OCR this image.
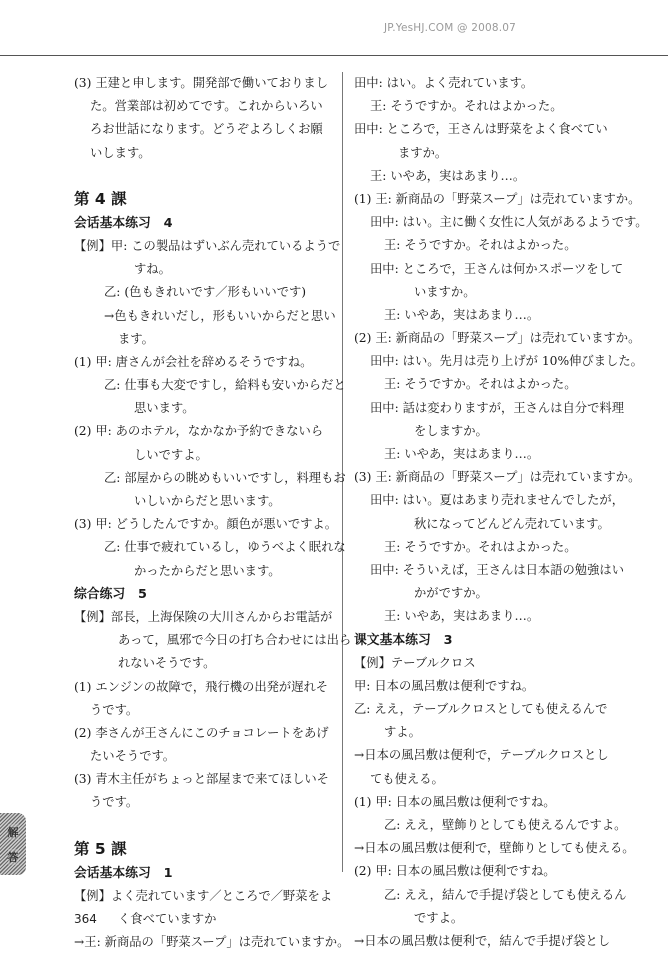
JP.YesHJ.COM @ 2008.07
(3) 王建と申します。開発部で働いておりまし
た。営業部は初めてです。これからいろい
ろお世話になります。どうぞよろしくお願
いします。
第 4 課
会话基本练习　4
【例】甲: この製品はずいぶん売れているようで
すね。
乙: (色もきれいです／形もいいです)
→色もきれいだし，形もいいからだと思い
ます。
(1) 甲: 唐さんが会社を辞めるそうですね。
乙: 仕事も大変ですし，給料も安いからだと
思います。
(2) 甲: あのホテル，なかなか予約できないら
しいですよ。
乙: 部屋からの眺めもいいですし，料理もお
いしいからだと思います。
(3) 甲: どうしたんですか。顔色が悪いですよ。
乙: 仕事で疲れているし，ゆうべよく眠れな
かったからだと思います。
综合练习　5
【例】部長，上海保険の大川さんからお電話が
あって，風邪で今日の打ち合わせには出ら
れないそうです。
(1) エンジンの故障で，飛行機の出発が遅れそ
うです。
(2) 李さんが王さんにこのチョコレートをあげ
たいそうです。
(3) 青木主任がちょっと部屋まで来てほしいそ
うです。
第 5 課
会话基本练习　1
【例】よく売れています／ところで／野菜をよ
く食べていますか
→王: 新商品の「野菜スープ」は売れていますか。
田中: はい。よく売れています。
王: そうですか。それはよかった。
田中: ところで，王さんは野菜をよく食べてい
ますか。
王: いやあ，実はあまり…。
(1) 王: 新商品の「野菜スープ」は売れていますか。
田中: はい。主に働く女性に人気があるようです。
王: そうですか。それはよかった。
田中: ところで，王さんは何かスポーツをして
いますか。
王: いやあ，実はあまり…。
(2) 王: 新商品の「野菜スープ」は売れていますか。
田中: はい。先月は売り上げが 10%伸びました。
王: そうですか。それはよかった。
田中: 話は変わりますが，王さんは自分で料理
をしますか。
王: いやあ，実はあまり…。
(3) 王: 新商品の「野菜スープ」は売れていますか。
田中: はい。夏はあまり売れませんでしたが，
秋になってどんどん売れています。
王: そうですか。それはよかった。
田中: そういえば，王さんは日本語の勉強はい
かがですか。
王: いやあ，実はあまり…。
课文基本练习　3
【例】テーブルクロス
甲: 日本の風呂敷は便利ですね。
乙: ええ，テーブルクロスとしても使えるんで
すよ。
→日本の風呂敷は便利で，テーブルクロスとし
ても使える。
(1) 甲: 日本の風呂敷は便利ですね。
乙: ええ，壁飾りとしても使えるんですよ。
→日本の風呂敷は便利で，壁飾りとしても使える。
(2) 甲: 日本の風呂敷は便利ですね。
乙: ええ，結んで手提げ袋としても使えるん
ですよ。
→日本の風呂敷は便利で，結んで手提げ袋とし
解
答
364
